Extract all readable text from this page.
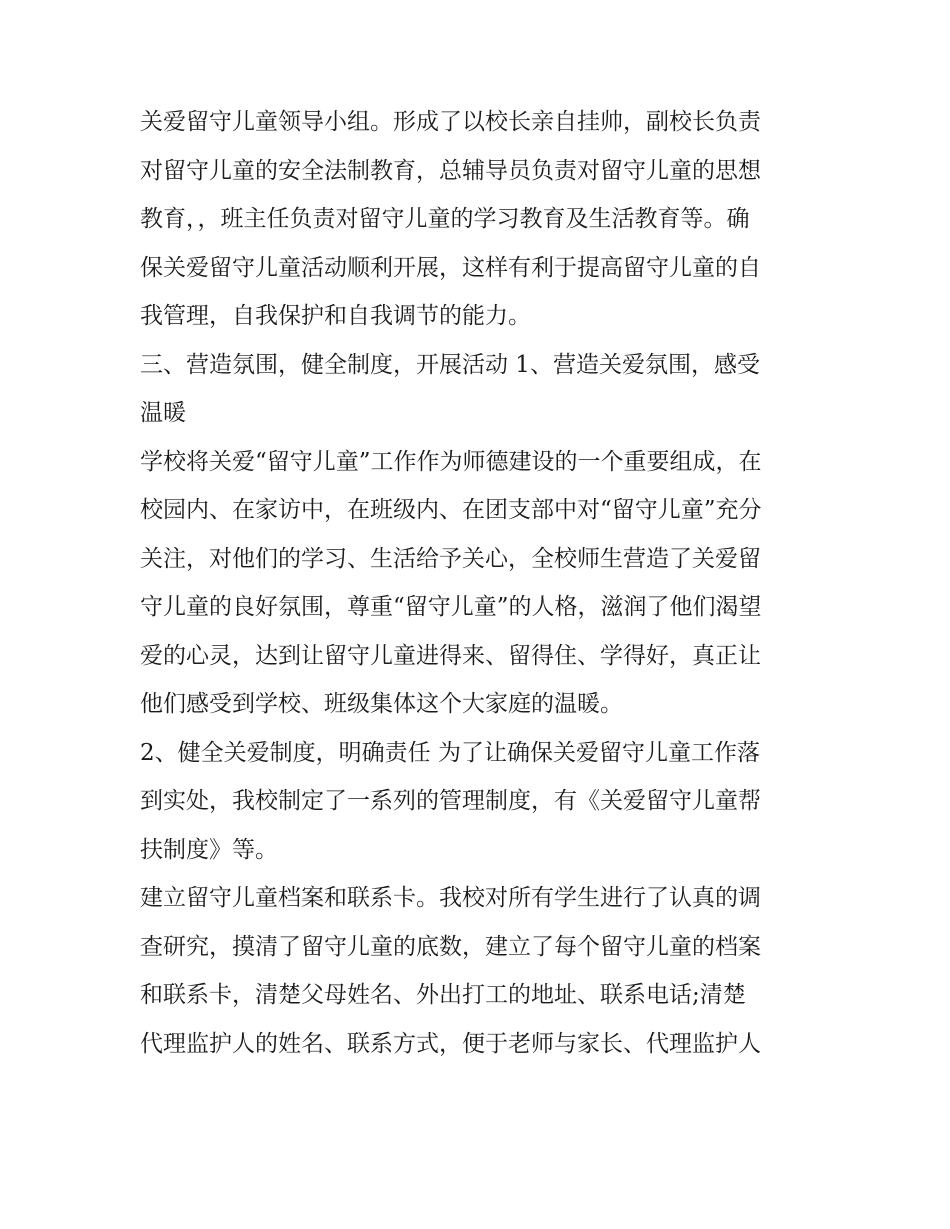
关爱留守儿童领导小组。形成了以校长亲自挂帅，副校长负责
对留守儿童的安全法制教育，总辅导员负责对留守儿童的思想
教育，，班主任负责对留守儿童的学习教育及生活教育等。确
保关爱留守儿童活动顺利开展，这样有利于提高留守儿童的自
我管理，自我保护和自我调节的能力。
三、营造氛围，健全制度，开展活动 1、营造关爱氛围，感受
温暖
学校将关爱“留守儿童”工作作为师德建设的一个重要组成，在
校园内、在家访中，在班级内、在团支部中对“留守儿童”充分
关注，对他们的学习、生活给予关心，全校师生营造了关爱留
守儿童的良好氛围，尊重“留守儿童”的人格，滋润了他们渴望
爱的心灵，达到让留守儿童进得来、留得住、学得好，真正让
他们感受到学校、班级集体这个大家庭的温暖。
2、健全关爱制度，明确责任 为了让确保关爱留守儿童工作落
到实处，我校制定了一系列的管理制度，有《关爱留守儿童帮
扶制度》等。
建立留守儿童档案和联系卡。我校对所有学生进行了认真的调
查研究，摸清了留守儿童的底数，建立了每个留守儿童的档案
和联系卡，清楚父母姓名、外出打工的地址、联系电话;清楚
代理监护人的姓名、联系方式，便于老师与家长、代理监护人
